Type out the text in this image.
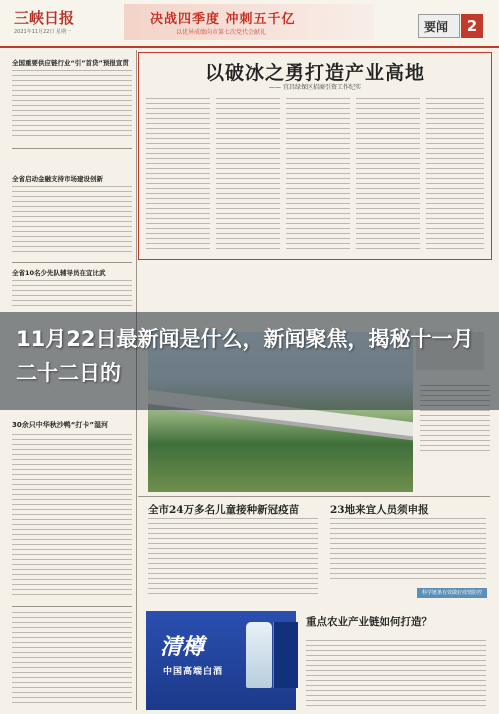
三峡日报
2021年11月22日 星期一
决战四季度 冲刺五千亿
以优异成绩向市第七次党代会献礼	要闻	2
全国重要供应链行业“引”首贷”预报宣贯
全省启动金融支持市场建设创新
全省10名少先队辅导员在宜比武
30余只中华秋沙鸭“打卡”湿河
以破冰之勇打造产业高地
—— 宜昌绿保区招商引资工作纪实
全市24万多名儿童接种新冠疫苗	23地来宜人员须申报
科学链条有效做好疫情防控
重点农业产业链如何打造？
清樽
中国高端白酒
11月22日最新闻是什么，新闻聚焦，揭秘十一月二十二日的
